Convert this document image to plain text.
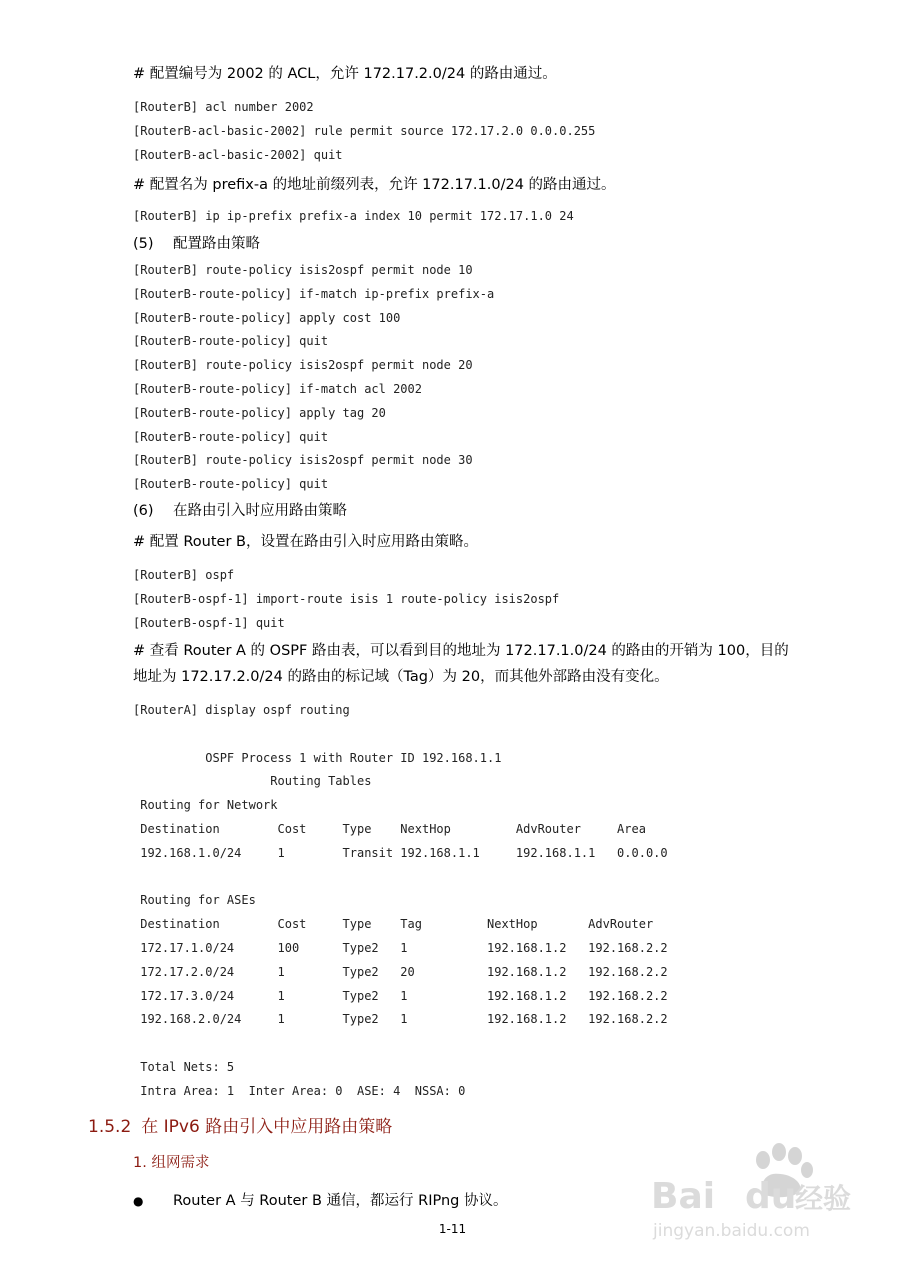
# 配置编号为 2002 的 ACL，允许 172.17.2.0/24 的路由通过。
[RouterB] acl number 2002
[RouterB-acl-basic-2002] rule permit source 172.17.2.0 0.0.0.255
[RouterB-acl-basic-2002] quit
# 配置名为 prefix-a 的地址前缀列表，允许 172.17.1.0/24 的路由通过。
[RouterB] ip ip-prefix prefix-a index 10 permit 172.17.1.0 24
(5) 配置路由策略
[RouterB] route-policy isis2ospf permit node 10
[RouterB-route-policy] if-match ip-prefix prefix-a
[RouterB-route-policy] apply cost 100
[RouterB-route-policy] quit
[RouterB] route-policy isis2ospf permit node 20
[RouterB-route-policy] if-match acl 2002
[RouterB-route-policy] apply tag 20
[RouterB-route-policy] quit
[RouterB] route-policy isis2ospf permit node 30
[RouterB-route-policy] quit
(6) 在路由引入时应用路由策略
# 配置 Router B，设置在路由引入时应用路由策略。
[RouterB] ospf
[RouterB-ospf-1] import-route isis 1 route-policy isis2ospf
[RouterB-ospf-1] quit
# 查看 Router A 的 OSPF 路由表，可以看到目的地址为 172.17.1.0/24 的路由的开销为 100，目的
地址为 172.17.2.0/24 的路由的标记域（Tag）为 20，而其他外部路由没有变化。
[RouterA] display ospf routing
OSPF Process 1 with Router ID 192.168.1.1
Routing Tables
Routing for Network
Destination        Cost     Type    NextHop         AdvRouter     Area
192.168.1.0/24     1        Transit 192.168.1.1     192.168.1.1   0.0.0.0
Routing for ASEs
Destination        Cost     Type    Tag         NextHop       AdvRouter
172.17.1.0/24      100      Type2   1           192.168.1.2   192.168.2.2
172.17.2.0/24      1        Type2   20          192.168.1.2   192.168.2.2
172.17.3.0/24      1        Type2   1           192.168.1.2   192.168.2.2
192.168.2.0/24     1        Type2   1           192.168.1.2   192.168.2.2
Total Nets: 5
Intra Area: 1  Inter Area: 0  ASE: 4  NSSA: 0
1.5.2 在 IPv6 路由引入中应用路由策略
1. 组网需求
● Router A 与 Router B 通信，都运行 RIPng 协议。	Bai du
经验
jingyan.baidu.com
1-11
